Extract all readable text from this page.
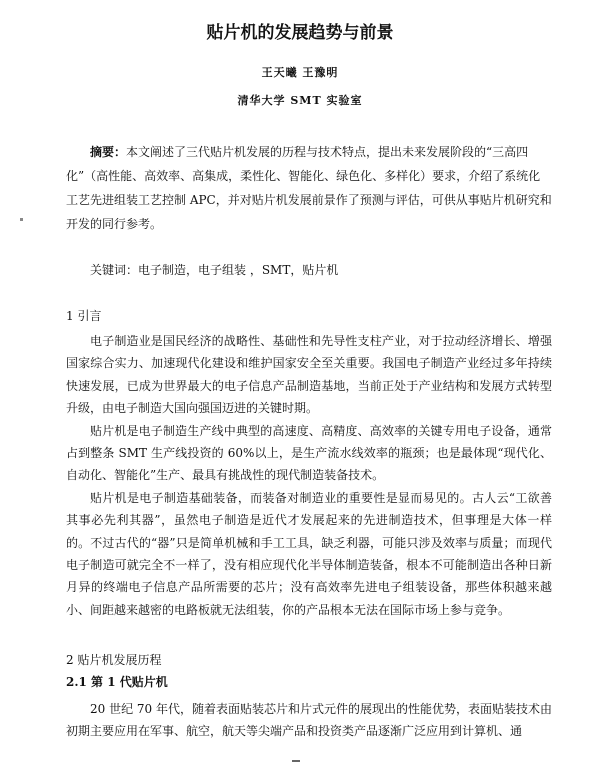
贴片机的发展趋势与前景
王天曦 王豫明
清华大学 SMT 实验室
摘要：本文阐述了三代贴片机发展的历程与技术特点，提出未来发展阶段的“三高四化”（高性能、高效率、高集成，柔性化、智能化、绿色化、多样化）要求，介绍了系统化工艺先进组装工艺控制 APC，并对贴片机发展前景作了预测与评估，可供从事贴片机研究和开发的同行参考。
关键词：电子制造，电子组装 ，SMT，贴片机
1 引言

电子制造业是国民经济的战略性、基础性和先导性支柱产业，对于拉动经济增长、增强国家综合实力、加速现代化建设和维护国家安全至关重要。我国电子制造产业经过多年持续快速发展，已成为世界最大的电子信息产品制造基地，当前正处于产业结构和发展方式转型升级，由电子制造大国向强国迈进的关键时期。

贴片机是电子制造生产线中典型的高速度、高精度、高效率的关键专用电子设备，通常占到整条 SMT 生产线投资的 60%以上，是生产流水线效率的瓶颈；也是最体现“现代化、自动化、智能化”生产、最具有挑战性的现代制造装备技术。

贴片机是电子制造基础装备，而装备对制造业的重要性是显而易见的。古人云“工欲善其事必先利其器”，虽然电子制造是近代才发展起来的先进制造技术，但事理是大体一样的。不过古代的“器”只是简单机械和手工工具，缺乏利器，可能只涉及效率与质量；而现代电子制造可就完全不一样了，没有相应现代化半导体制造装备，根本不可能制造出各种日新月异的终端电子信息产品所需要的芯片；没有高效率先进电子组装设备，那些体积越来越小、间距越来越密的电路板就无法组装，你的产品根本无法在国际市场上参与竞争。

2 贴片机发展历程
2.1 第 1 代贴片机

20 世纪 70 年代，随着表面贴装芯片和片式元件的展现出的性能优势，表面贴装技术由初期主要应用在军事、航空，航天等尖端产品和投资类产品逐渐广泛应用到计算机、通
